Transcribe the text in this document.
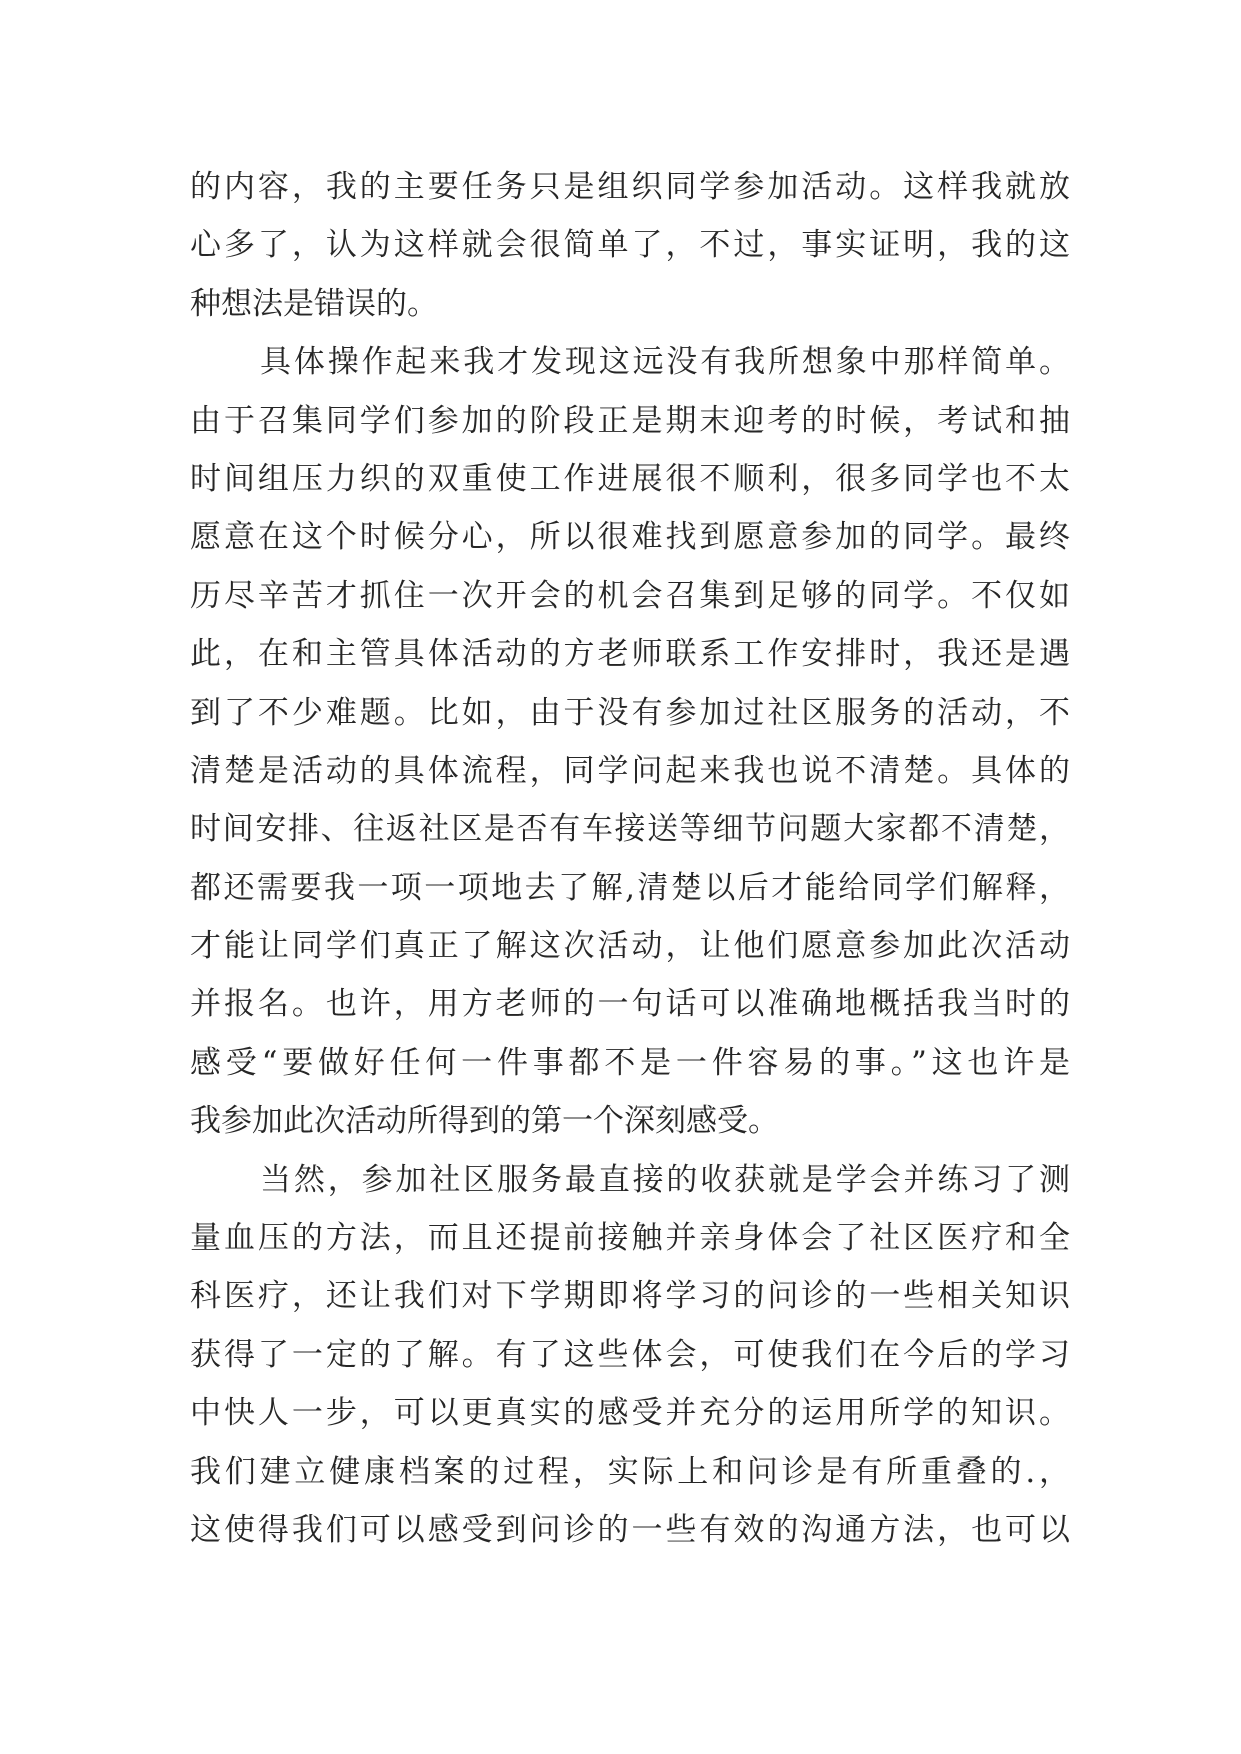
的内容，我的主要任务只是组织同学参加活动。这样我就放
心多了，认为这样就会很简单了，不过，事实证明，我的这
种想法是错误的。
具体操作起来我才发现这远没有我所想象中那样简单。
由于召集同学们参加的阶段正是期末迎考的时候，考试和抽
时间组压力织的双重使工作进展很不顺利，很多同学也不太
愿意在这个时候分心，所以很难找到愿意参加的同学。最终
历尽辛苦才抓住一次开会的机会召集到足够的同学。不仅如
此，在和主管具体活动的方老师联系工作安排时，我还是遇
到了不少难题。比如，由于没有参加过社区服务的活动，不
清楚是活动的具体流程，同学问起来我也说不清楚。具体的
时间安排、往返社区是否有车接送等细节问题大家都不清楚，
都还需要我一项一项地去了解,清楚以后才能给同学们解释，
才能让同学们真正了解这次活动，让他们愿意参加此次活动
并报名。也许，用方老师的一句话可以准确地概括我当时的
感受“要做好任何一件事都不是一件容易的事。”这也许是
我参加此次活动所得到的第一个深刻感受。
当然，参加社区服务最直接的收获就是学会并练习了测
量血压的方法，而且还提前接触并亲身体会了社区医疗和全
科医疗，还让我们对下学期即将学习的问诊的一些相关知识
获得了一定的了解。有了这些体会，可使我们在今后的学习
中快人一步，可以更真实的感受并充分的运用所学的知识。
我们建立健康档案的过程，实际上和问诊是有所重叠的.，
这使得我们可以感受到问诊的一些有效的沟通方法，也可以
